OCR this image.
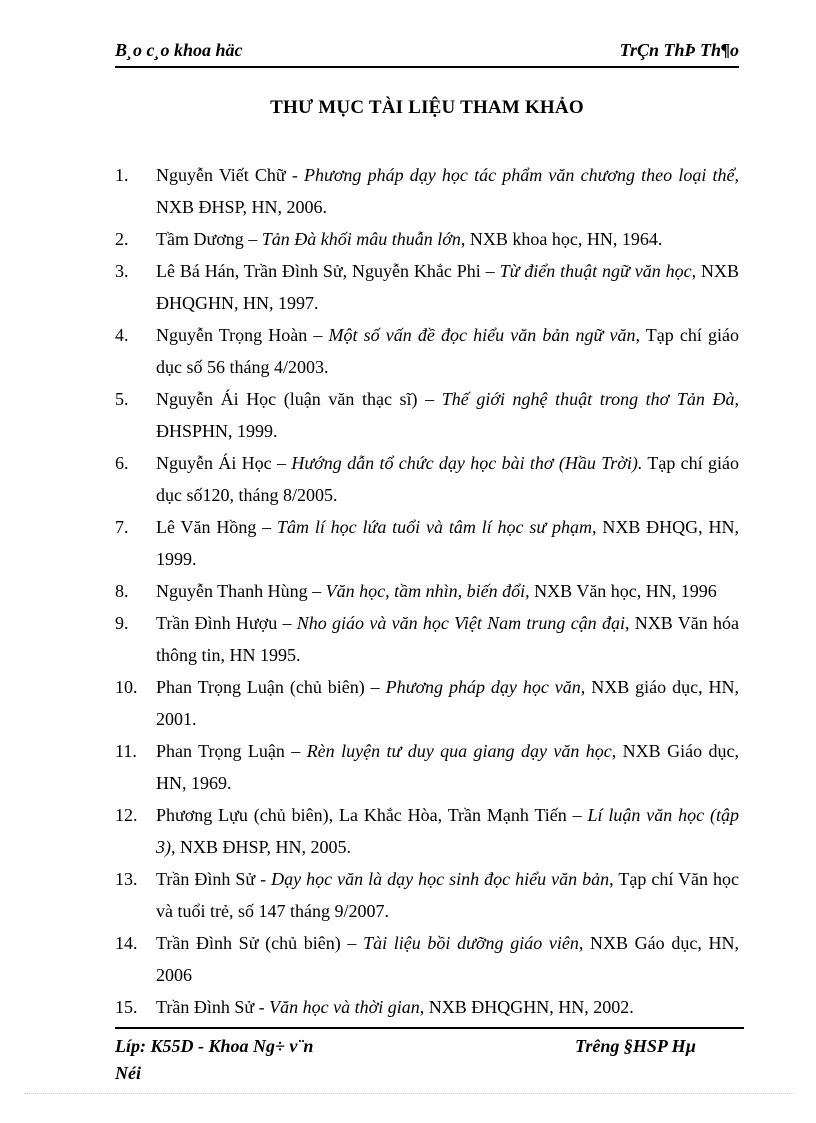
B¸o c¸o khoa häc	TrÇn ThÞ Th¶o
THƯ MỤC TÀI LIỆU THAM KHẢO
1. Nguyễn Viết Chữ - Phương pháp dạy học tác phẩm văn chương theo loại thể, NXB ĐHSP, HN, 2006.
2. Tầm Dương – Tản Đà khối mâu thuẫn lớn, NXB khoa học, HN, 1964.
3. Lê Bá Hán, Trần Đình Sử, Nguyễn Khắc Phi – Từ điển thuật ngữ văn học, NXB ĐHQGHN, HN, 1997.
4. Nguyễn Trọng Hoàn – Một số vấn đề đọc hiểu văn bản ngữ văn, Tạp chí giáo dục số 56 tháng 4/2003.
5. Nguyễn Ái Học (luận văn thạc sĩ) – Thế giới nghệ thuật trong thơ Tản Đà, ĐHSPHN, 1999.
6. Nguyễn Ái Học – Hướng dẫn tổ chức dạy học bài thơ (Hầu Trời). Tạp chí giáo dục số120, tháng 8/2005.
7. Lê Văn Hồng – Tâm lí học lứa tuổi và tâm lí học sư phạm, NXB ĐHQG, HN, 1999.
8. Nguyễn Thanh Hùng – Văn học, tầm nhìn, biến đổi, NXB Văn học, HN, 1996
9. Trần Đình Hượu – Nho giáo và văn học Việt Nam trung cận đại, NXB Văn hóa thông tin, HN 1995.
10. Phan Trọng Luận (chủ biên) – Phương pháp dạy học văn, NXB giáo dục, HN, 2001.
11. Phan Trọng Luận – Rèn luyện tư duy qua giang dạy văn học, NXB Giáo dục, HN, 1969.
12. Phương Lựu (chủ biên), La Khắc Hòa, Trần Mạnh Tiến – Lí luận văn học (tập 3), NXB ĐHSP, HN, 2005.
13. Trần Đình Sử - Dạy học văn là dạy học sinh đọc hiểu văn bản, Tạp chí Văn học và tuổi trẻ, số 147 tháng 9/2007.
14. Trần Đình Sử (chủ biên) – Tài liệu bồi dưỡng giáo viên, NXB Gáo dục, HN, 2006
15. Trần Đình Sử - Văn học và thời gian, NXB ĐHQGHN, HN, 2002.
Líp: K55D - Khoa Ng÷ v¨n
Néi
Trêng §HSP Hµ
